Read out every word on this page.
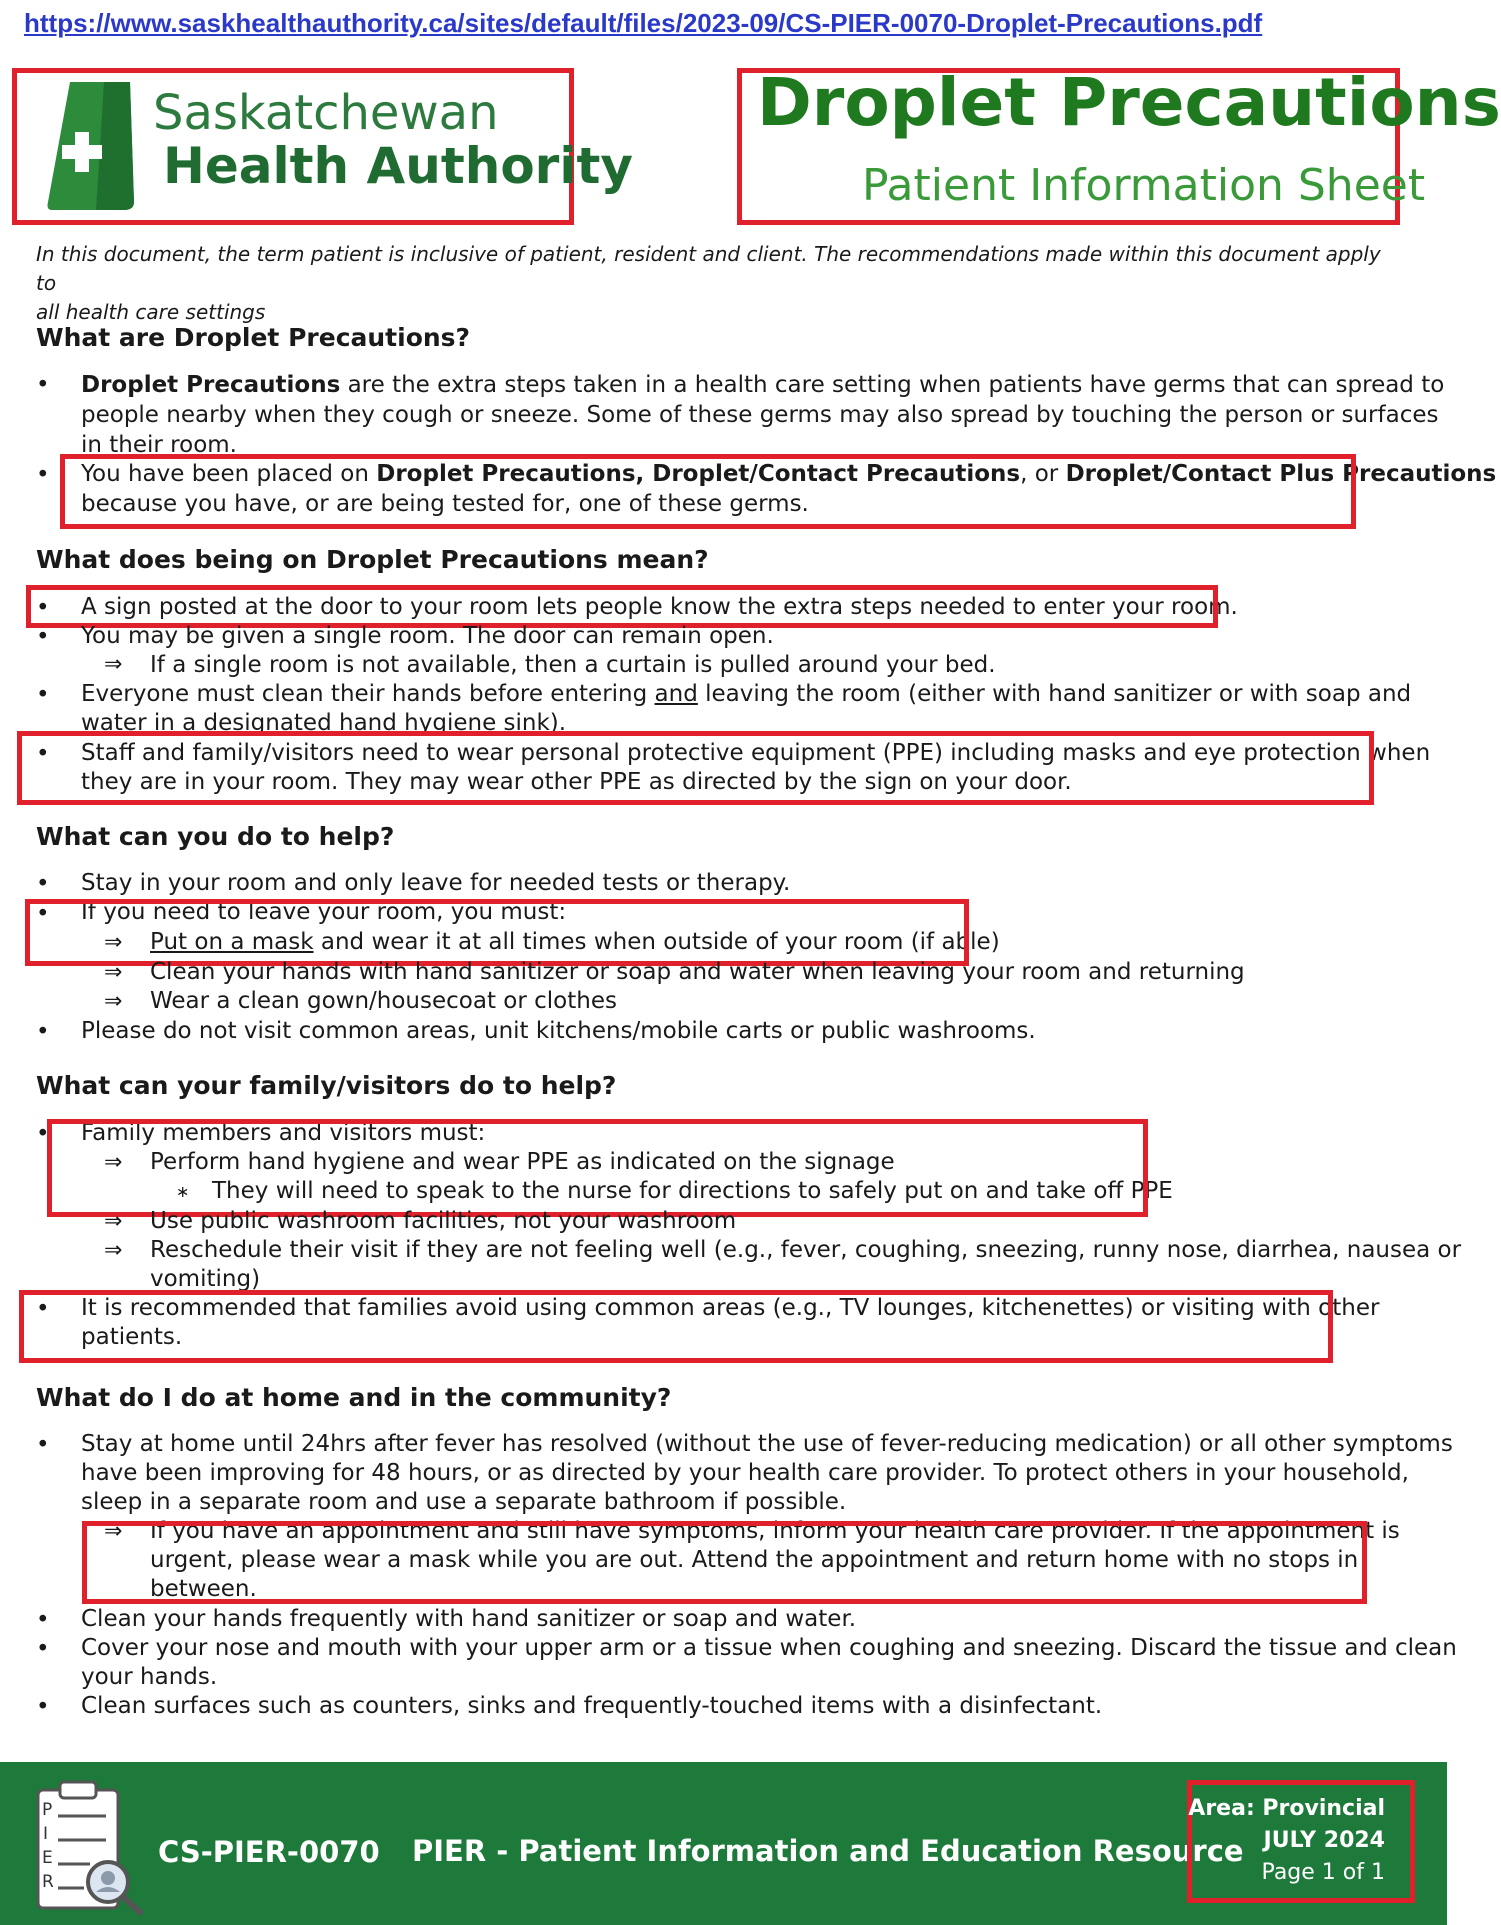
https://www.saskhealthauthority.ca/sites/default/files/2023-09/CS-PIER-0070-Droplet-Precautions.pdf
Saskatchewan
Health Authority
Droplet Precautions
Patient Information Sheet
In this document, the term patient is inclusive of patient, resident and client. The recommendations made within this document apply to
all health care settings
What are Droplet Precautions?
• Droplet Precautions are the extra steps taken in a health care setting when patients have germs that can spread to
people nearby when they cough or sneeze. Some of these germs may also spread by touching the person or surfaces
in their room.
• You have been placed on Droplet Precautions, Droplet/Contact Precautions, or Droplet/Contact Plus Precautions
because you have, or are being tested for, one of these germs.
What does being on Droplet Precautions mean?
• A sign posted at the door to your room lets people know the extra steps needed to enter your room.
• You may be given a single room. The door can remain open.
⇒ If a single room is not available, then a curtain is pulled around your bed.
• Everyone must clean their hands before entering and leaving the room (either with hand sanitizer or with soap and
water in a designated hand hygiene sink).
• Staff and family/visitors need to wear personal protective equipment (PPE) including masks and eye protection when
they are in your room. They may wear other PPE as directed by the sign on your door.
What can you do to help?
• Stay in your room and only leave for needed tests or therapy.
• If you need to leave your room, you must:
⇒ Put on a mask and wear it at all times when outside of your room (if able)
⇒ Clean your hands with hand sanitizer or soap and water when leaving your room and returning
⇒ Wear a clean gown/housecoat or clothes
• Please do not visit common areas, unit kitchens/mobile carts or public washrooms.
What can your family/visitors do to help?
• Family members and visitors must:
⇒ Perform hand hygiene and wear PPE as indicated on the signage
∗ They will need to speak to the nurse for directions to safely put on and take off PPE
⇒ Use public washroom facilities, not your washroom
⇒ Reschedule their visit if they are not feeling well (e.g., fever, coughing, sneezing, runny nose, diarrhea, nausea or
vomiting)
• It is recommended that families avoid using common areas (e.g., TV lounges, kitchenettes) or visiting with other
patients.
What do I do at home and in the community?
• Stay at home until 24hrs after fever has resolved (without the use of fever-reducing medication) or all other symptoms
have been improving for 48 hours, or as directed by your health care provider. To protect others in your household,
sleep in a separate room and use a separate bathroom if possible.
⇒ If you have an appointment and still have symptoms, inform your health care provider. If the appointment is
urgent, please wear a mask while you are out. Attend the appointment and return home with no stops in
between.
• Clean your hands frequently with hand sanitizer or soap and water.
• Cover your nose and mouth with your upper arm or a tissue when coughing and sneezing. Discard the tissue and clean
your hands.
• Clean surfaces such as counters, sinks and frequently-touched items with a disinfectant.
P
I
E
R
CS-PIER-0070 PIER - Patient Information and Education Resource
Area: Provincial
JULY 2024
Page 1 of 1
